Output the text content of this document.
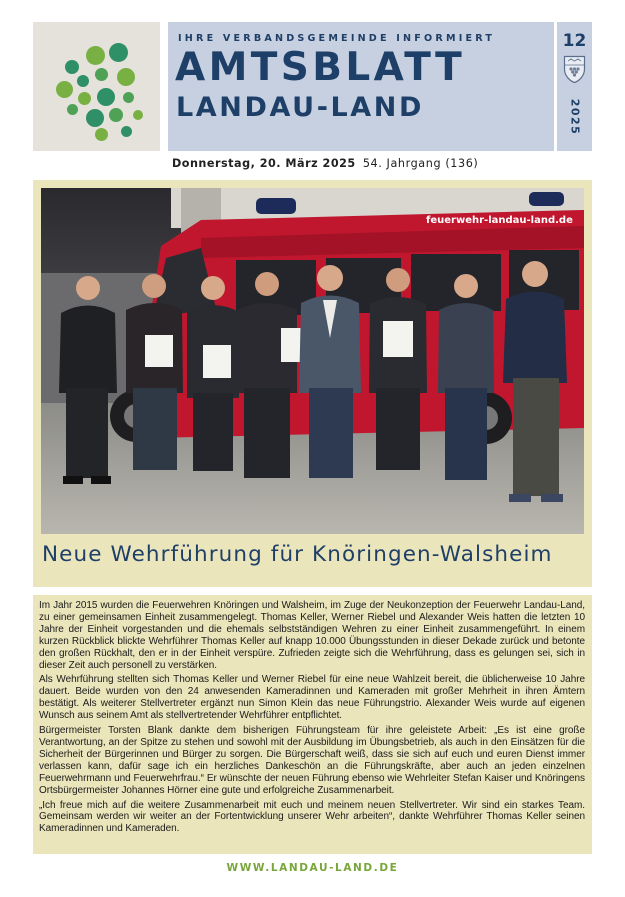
IHRE VERBANDSGEMEINDE INFORMIERT
AMTSBLATT
LANDAU-LAND
12
2025
Donnerstag, 20. März 2025 54. Jahrgang (136)
feuerwehr-landau-land.de
Neue Wehrführung für Knöringen-Walsheim

Im Jahr 2015 wurden die Feuerwehren Knöringen und Walsheim, im Zuge der Neukonzeption der Feuerwehr Landau-Land, zu einer gemeinsamen Einheit zusammengelegt. Thomas Keller, Werner Riebel und Alexander Weis hatten die letzten 10 Jahre der Einheit vorgestanden und die ehemals selbstständigen Wehren zu einer Einheit zusammengeführt. In einem kurzen Rückblick blickte Wehrführer Thomas Keller auf knapp 10.000 Übungsstunden in dieser Dekade zurück und betonte den großen Rückhalt, den er in der Einheit verspüre. Zufrieden zeigte sich die Wehrführung, dass es gelungen sei, sich in dieser Zeit auch personell zu verstärken.

Als Wehrführung stellten sich Thomas Keller und Werner Riebel für eine neue Wahlzeit bereit, die üblicherweise 10 Jahre dauert. Beide wurden von den 24 anwesenden Kameradinnen und Kameraden mit großer Mehrheit in ihren Ämtern bestätigt. Als weiterer Stellvertreter ergänzt nun Simon Klein das neue Führungstrio. Alexander Weis wurde auf eigenen Wunsch aus seinem Amt als stellvertretender Wehrführer entpflichtet.

Bürgermeister Torsten Blank dankte dem bisherigen Führungsteam für ihre geleistete Arbeit: „Es ist eine große Verantwortung, an der Spitze zu stehen und sowohl mit der Ausbildung im Übungsbetrieb, als auch in den Einsätzen für die Sicherheit der Bürgerinnen und Bürger zu sorgen. Die Bürgerschaft weiß, dass sie sich auf euch und euren Dienst immer verlassen kann, dafür sage ich ein herzliches Dankeschön an die Führungskräfte, aber auch an jeden einzelnen Feuerwehrmann und Feuerwehrfrau.“ Er wünschte der neuen Führung ebenso wie Wehrleiter Stefan Kaiser und Knöringens Ortsbürgermeister Johannes Hörner eine gute und erfolgreiche Zusammenarbeit.

„Ich freue mich auf die weitere Zusammenarbeit mit euch und meinem neuen Stellvertreter. Wir sind ein starkes Team. Gemeinsam werden wir weiter an der Fortentwicklung unserer Wehr arbeiten“, dankte Wehrführer Thomas Keller seinen Kameradinnen und Kameraden.

WWW.LANDAU-LAND.DE
